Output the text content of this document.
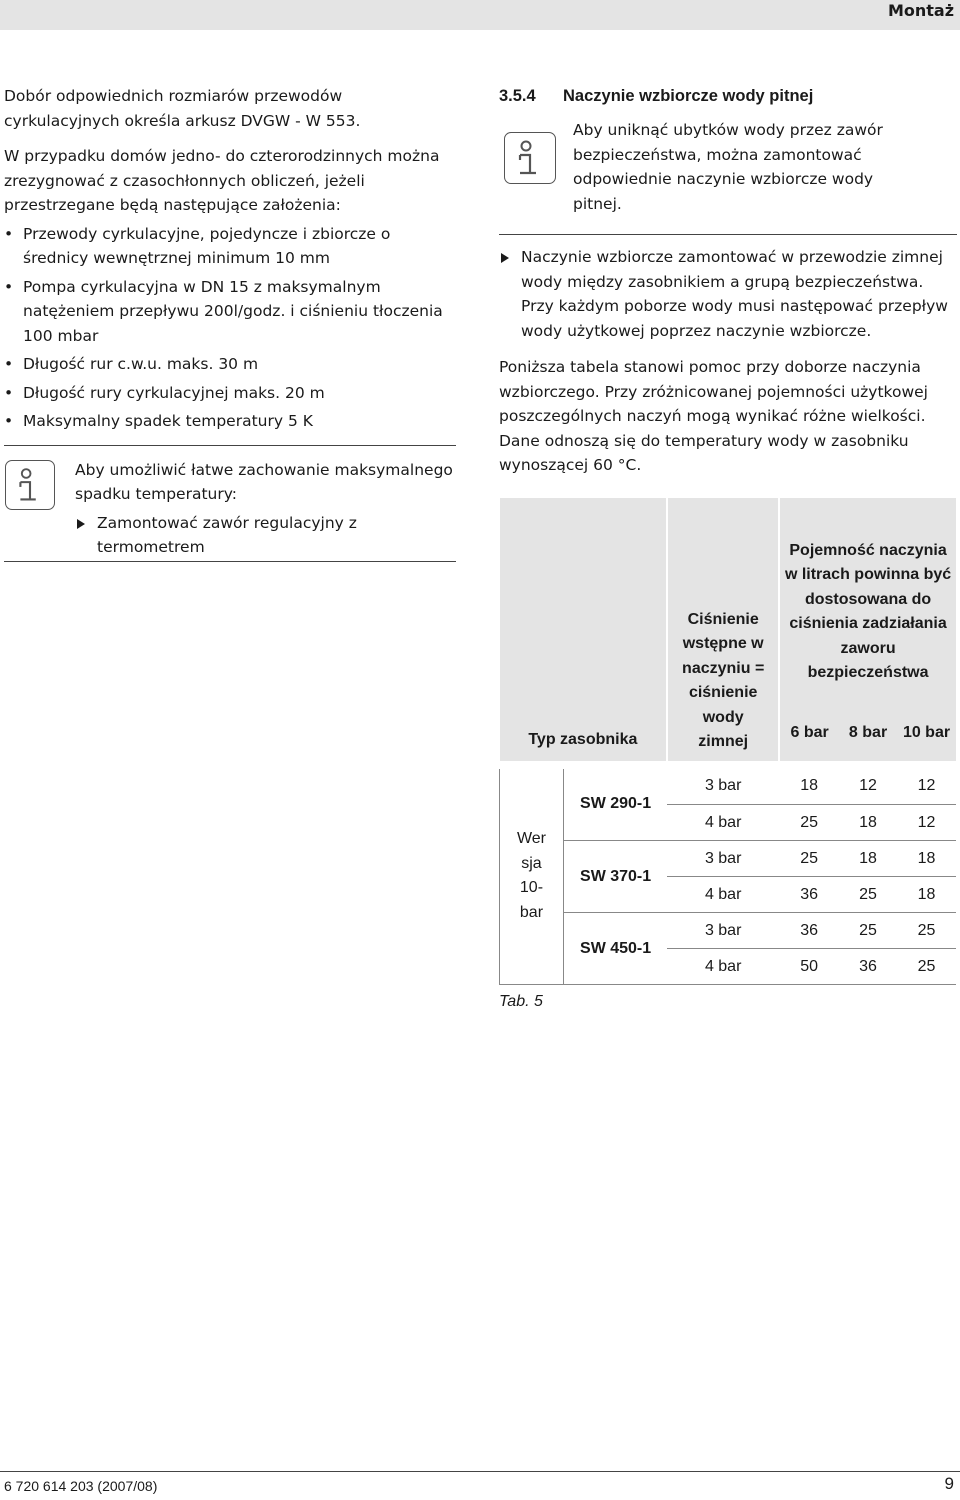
Montaż

Dobór odpowiednich rozmiarów przewodów cyrkulacyjnych określa arkusz DVGW - W 553.

W przypadku domów jedno- do czterorodzinnych można zrezygnować z czasochłonnych obliczeń, jeżeli przestrzegane będą następujące założenia:

• Przewody cyrkulacyjne, pojedyncze i zbiorcze o średnicy wewnętrznej minimum 10 mm
• Pompa cyrkulacyjna w DN 15 z maksymalnym natężeniem przepływu 200l/godz. i ciśnieniu tłoczenia 100 mbar
• Długość rur c.w.u. maks. 30 m
• Długość rury cyrkulacyjnej maks. 20 m
• Maksymalny spadek temperatury 5 K
Aby umożliwić łatwe zachowanie maksymalnego spadku temperatury:
Zamontować zawór regulacyjny z termometrem
3.5.4 Naczynie wzbiorcze wody pitnej
Aby uniknąć ubytków wody przez zawór bezpieczeństwa, można zamontować odpowiednie naczynie wzbiorcze wody pitnej.
Naczynie wzbiorcze zamontować w przewodzie zimnej wody między zasobnikiem a grupą bezpieczeństwa.
Przy każdym poborze wody musi następować przepływ wody użytkowej poprzez naczynie wzbiorcze.

Poniższa tabela stanowi pomoc przy doborze naczynia wzbiorczego. Przy zróżnicowanej pojemności użytkowej poszczególnych naczyń mogą wynikać różne wielkości. Dane odnoszą się do temperatury wody w zasobniku wynoszącej 60 °C.

Typ zasobnika		Ciśnienie wstępne w naczyniu = ciśnienie wody zimnej	Pojemność naczynia w litrach powinna być dostosowana do ciśnienia zadziałania zaworu bezpieczeństwa		
			6 bar	8 bar	10 bar

Wer sja 10- bar	SW 290-1	3 bar	18	12	12
		4 bar	25	18	12
	SW 370-1	3 bar	25	18	18
		4 bar	36	25	18
	SW 450-1	3 bar	36	25	25
		4 bar	50	36	25
Tab. 5
6 720 614 203 (2007/08)	9
